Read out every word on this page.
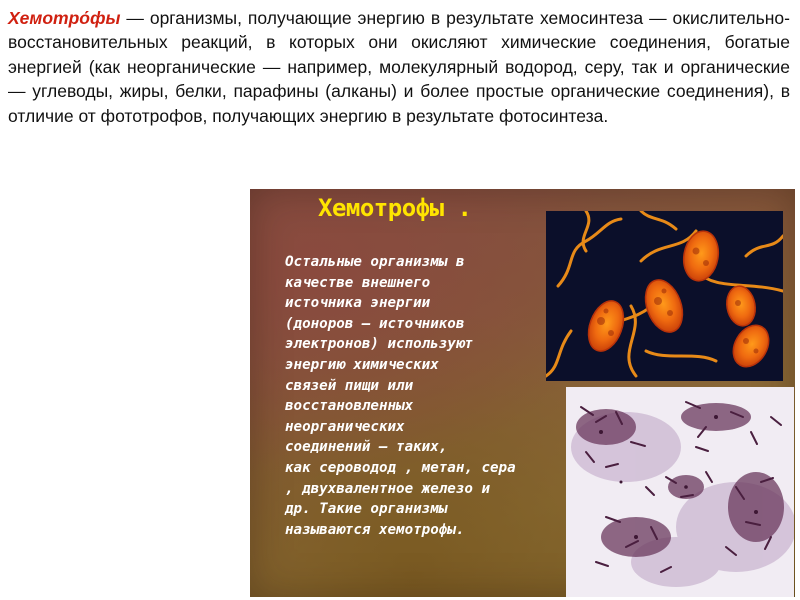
Хемотро́фы — организмы, получающие энергию в результате хемосинтеза — окислительно-восстановительных реакций, в которых они окисляют химические соединения, богатые энергией (как неорганические — например, молекулярный водород, серу, так и органические — углеводы, жиры, белки, парафины (алканы) и более простые органические соединения), в отличие от фототрофов, получающих энергию в результате фотосинтеза.
Хемотрофы .
Остальные организмы в
качестве внешнего
источника энергии
(доноров — источников
электронов) используют
энергию химических
связей пищи или
восстановленных
неорганических
соединений — таких,
как сероводод , метан, сера
, двухвалентное железо и
др. Такие организмы
называются хемотрофы.
